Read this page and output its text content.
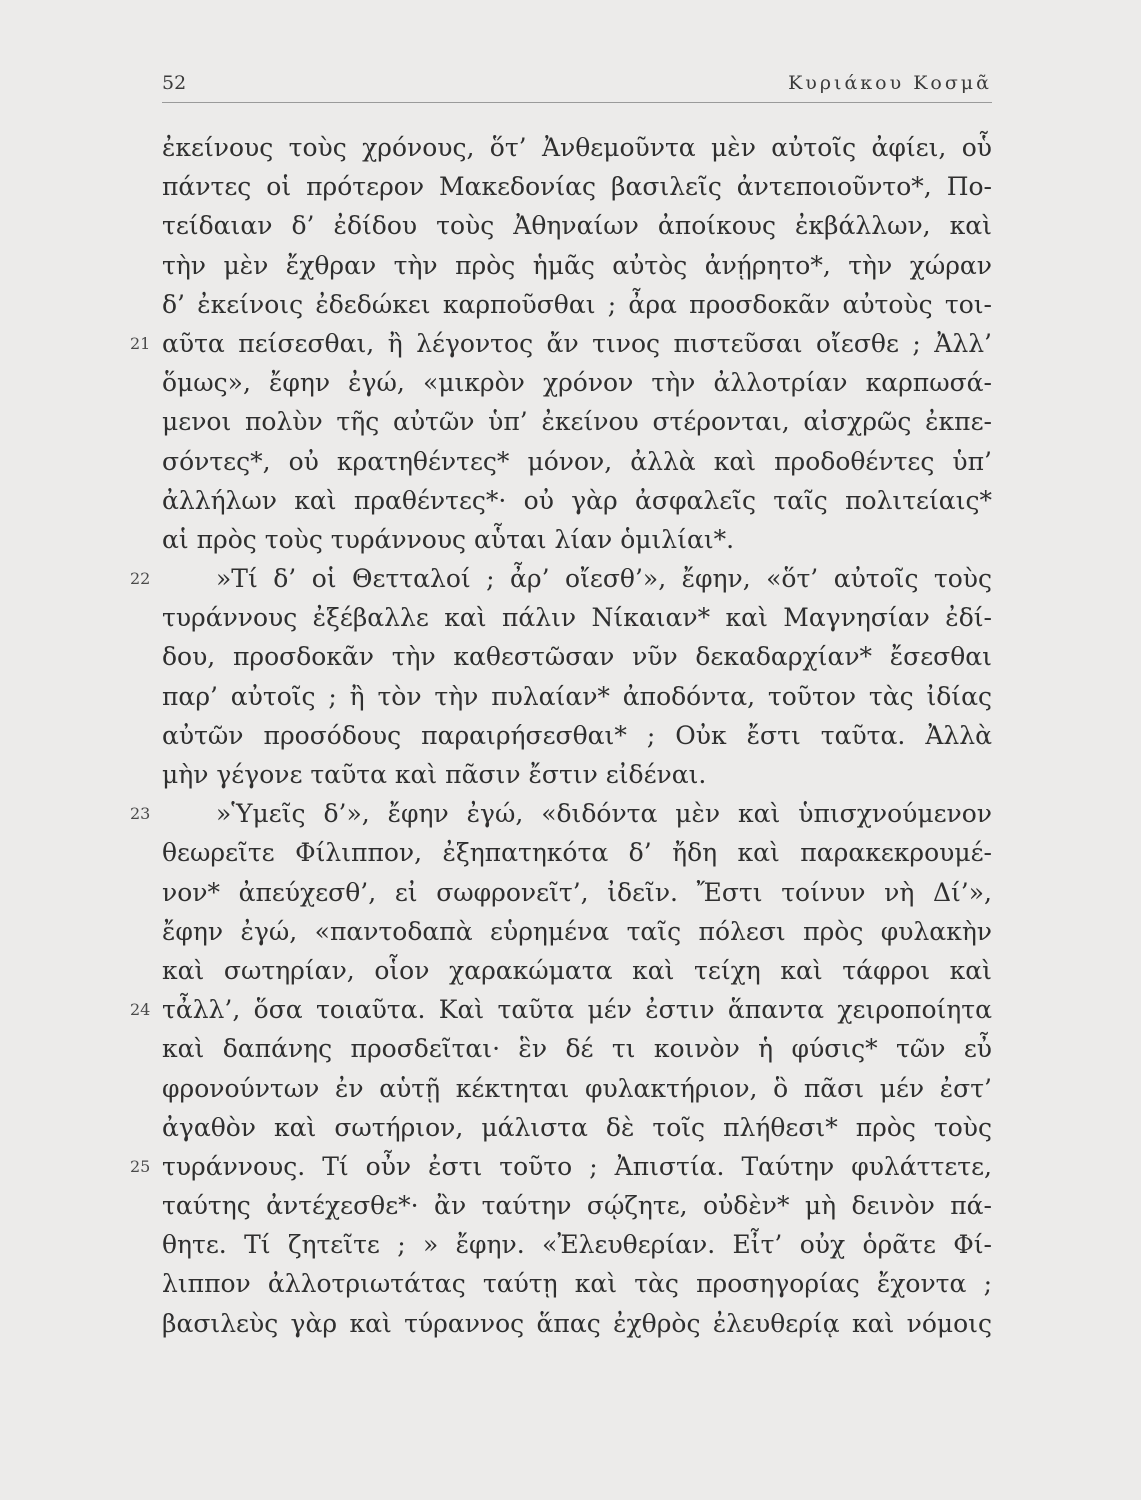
52	Κυριάκου Κοσμᾶ
ἐκείνους τοὺς χρόνους, ὅτ’ Ἀνθεμοῦντα μὲν αὐτοῖς ἀφίει, οὗ
πάντες οἱ πρότερον Μακεδονίας βασιλεῖς ἀντεποιοῦντο*, Πο-
τείδαιαν δ’ ἐδίδου τοὺς Ἀθηναίων ἀποίκους ἐκβάλλων, καὶ
τὴν μὲν ἔχθραν τὴν πρὸς ἡμᾶς αὐτὸς ἀνῄρητο*, τὴν χώραν
δ’ ἐκείνοις ἐδεδώκει καρποῦσθαι ; ἆρα προσδοκᾶν αὐτοὺς τοι-
21 αῦτα πείσεσθαι, ἢ λέγοντος ἄν τινος πιστεῦσαι οἴεσθε ; Ἀλλ’
ὅμως», ἔφην ἐγώ, «μικρὸν χρόνον τὴν ἀλλοτρίαν καρπωσά-
μενοι πολὺν τῆς αὐτῶν ὑπ’ ἐκείνου στέρονται, αἰσχρῶς ἐκπε-
σόντες*, οὐ κρατηθέντες* μόνον, ἀλλὰ καὶ προδοθέντες ὑπ’
ἀλλήλων καὶ πραθέντες*· οὐ γὰρ ἀσφαλεῖς ταῖς πολιτείαις*
αἱ πρὸς τοὺς τυράννους αὗται λίαν ὁμιλίαι*.
22	»Τί δ’ οἱ Θετταλοί ; ἆρ’ οἴεσθ’», ἔφην, «ὅτ’ αὐτοῖς τοὺς
τυράννους ἐξέβαλλε καὶ πάλιν Νίκαιαν* καὶ Μαγνησίαν ἐδί-
δου, προσδοκᾶν τὴν καθεστῶσαν νῦν δεκαδαρχίαν* ἔσεσθαι
παρ’ αὐτοῖς ; ἢ τὸν τὴν πυλαίαν* ἀποδόντα, τοῦτον τὰς ἰδίας
αὐτῶν προσόδους παραιρήσεσθαι* ; Οὐκ ἔστι ταῦτα. Ἀλλὰ
μὴν γέγονε ταῦτα καὶ πᾶσιν ἔστιν εἰδέναι.
23	»Ὑμεῖς δ’», ἔφην ἐγώ, «διδόντα μὲν καὶ ὑπισχνούμενον
θεωρεῖτε Φίλιππον, ἐξηπατηκότα δ’ ἤδη καὶ παρακεκρουμέ-
νον* ἀπεύχεσθ’, εἰ σωφρονεῖτ’, ἰδεῖν. Ἔστι τοίνυν νὴ Δί’»,
ἔφην ἐγώ, «παντοδαπὰ εὑρημένα ταῖς πόλεσι πρὸς φυλακὴν
καὶ σωτηρίαν, οἷον χαρακώματα καὶ τείχη καὶ τάφροι καὶ
24 τἆλλ’, ὅσα τοιαῦτα. Καὶ ταῦτα μέν ἐστιν ἅπαντα χειροποίητα
καὶ δαπάνης προσδεῖται· ἓν δέ τι κοινὸν ἡ φύσις* τῶν εὖ
φρονούντων ἐν αὑτῇ κέκτηται φυλακτήριον, ὃ πᾶσι μέν ἐστ’
ἀγαθὸν καὶ σωτήριον, μάλιστα δὲ τοῖς πλήθεσι* πρὸς τοὺς
25 τυράννους. Τί οὖν ἐστι τοῦτο ; Ἀπιστία. Ταύτην φυλάττετε,
ταύτης ἀντέχεσθε*· ἂν ταύτην σῴζητε, οὐδὲν* μὴ δεινὸν πά-
θητε. Τί ζητεῖτε ; » ἔφην. «Ἐλευθερίαν. Εἶτ’ οὐχ ὁρᾶτε Φί-
λιππον ἀλλοτριωτάτας ταύτῃ καὶ τὰς προσηγορίας ἔχοντα ;
βασιλεὺς γὰρ καὶ τύραννος ἅπας ἐχθρὸς ἐλευθερίᾳ καὶ νόμοις
